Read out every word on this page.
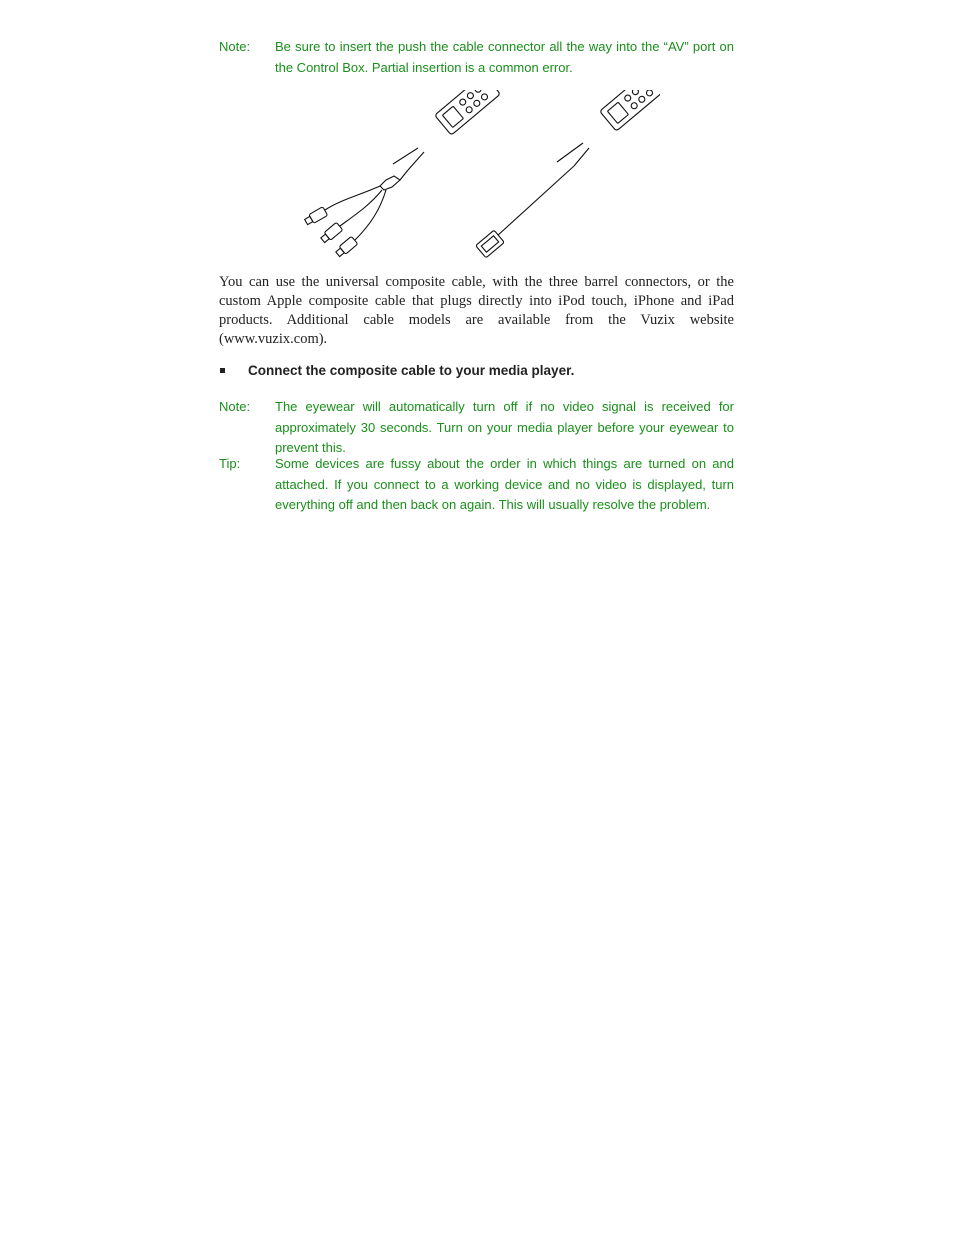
Note:	Be sure to insert the push the cable connector all the way into the “AV” port on the Control Box. Partial insertion is a common error.
You can use the universal composite cable, with the three barrel connectors, or the custom Apple composite cable that plugs directly into iPod touch, iPhone and iPad products. Additional cable models are available from the Vuzix website (www.vuzix.com).
Connect the composite cable to your media player.
Note:	The eyewear will automatically turn off if no video signal is received for approximately 30 seconds. Turn on your media player before your eyewear to prevent this.
Tip:	Some devices are fussy about the order in which things are turned on and attached. If you connect to a working device and no video is displayed, turn everything off and then back on again. This will usually resolve the problem.
